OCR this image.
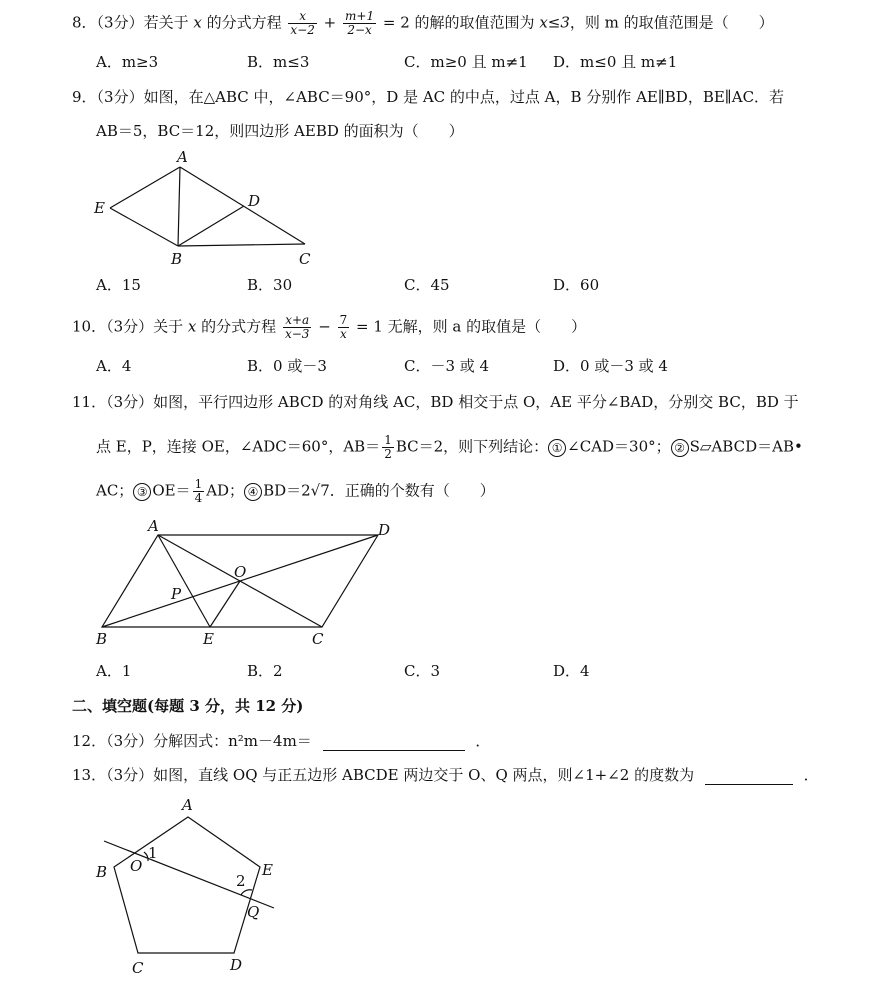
8．（3分）若关于 x 的分式方程 $\frac{x}{x-2} + \frac{m+1}{2-x} = 2$ 的解的取值范围为 x≤3，则 m 的取值范围是（　　）
A．m≥3	B．m≤3	C．m≥0 且 m≠1 D．m≤0 且 m≠1
9．（3分）如图，在△ABC 中，∠ABC＝90°，D 是 AC 的中点，过点 A，B 分别作 AE∥BD，BE∥AC．若
AB＝5，BC＝12，则四边形 AEBD 的面积为（　　）
A
E	D
B	C
A．15	B．30	C．45	D．60
10．（3分）关于 x 的分式方程 $\frac{x+a}{x-3} - \frac{7}{x} = 1$ 无解，则 a 的取值是（　　）
A．4	B．0 或－3	C．－3 或 4	D．0 或－3 或 4
11．（3分）如图，平行四边形 ABCD 的对角线 AC，BD 相交于点 O，AE 平分∠BAD，分别交 BC，BD 于
点 E，P，连接 OE，∠ADC＝60°，$AB= \frac{1}{2} BC=2$，则下列结论： ① ∠CAD＝30°； ② S▱ABCD＝AB•
AC； ③ $OE= \frac{1}{4}$ AD； ④ BD＝2√7．正确的个数有（　　）
A	D
O
P
B	E	C
A．1	B．2	C．3	D．4
二、填空题(每题 3 分，共 12 分)
12．（3分）分解因式：n²m－4m＝	．
13．（3分）如图，直线 OQ 与正五边形 ABCDE 两边交于 O、Q 两点，则∠1+∠2 的度数为	．
A
B O
1
E
2
Q
C	D
